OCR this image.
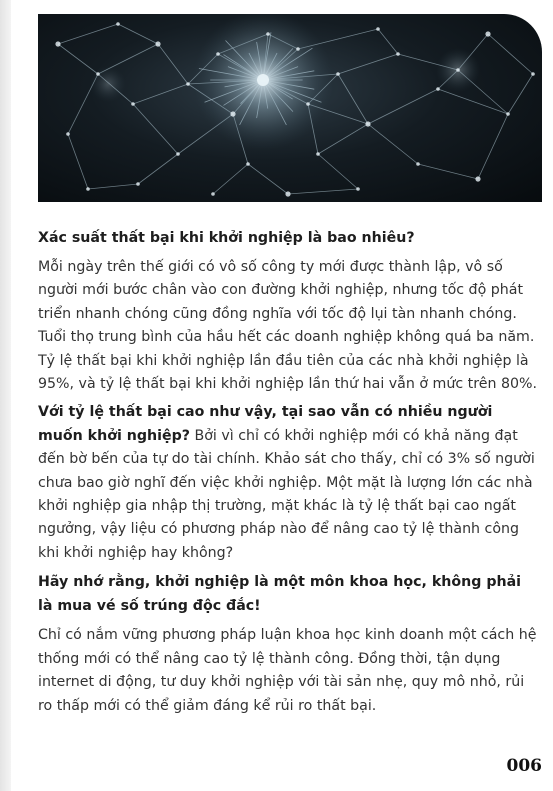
Xác suất thất bại khi khởi nghiệp là bao nhiêu?

Mỗi ngày trên thế giới có vô số công ty mới được thành lập, vô số người mới bước chân vào con đường khởi nghiệp, nhưng tốc độ phát triển nhanh chóng cũng đồng nghĩa với tốc độ lụi tàn nhanh chóng. Tuổi thọ trung bình của hầu hết các doanh nghiệp không quá ba năm. Tỷ lệ thất bại khi khởi nghiệp lần đầu tiên của các nhà khởi nghiệp là 95%, và tỷ lệ thất bại khi khởi nghiệp lần thứ hai vẫn ở mức trên 80%.

Với tỷ lệ thất bại cao như vậy, tại sao vẫn có nhiều người muốn khởi nghiệp? Bởi vì chỉ có khởi nghiệp mới có khả năng đạt đến bờ bến của tự do tài chính. Khảo sát cho thấy, chỉ có 3% số người chưa bao giờ nghĩ đến việc khởi nghiệp. Một mặt là lượng lớn các nhà khởi nghiệp gia nhập thị trường, mặt khác là tỷ lệ thất bại cao ngất ngưởng, vậy liệu có phương pháp nào để nâng cao tỷ lệ thành công khi khởi nghiệp hay không?

Hãy nhớ rằng, khởi nghiệp là một môn khoa học, không phải là mua vé số trúng độc đắc!

Chỉ có nắm vững phương pháp luận khoa học kinh doanh một cách hệ thống mới có thể nâng cao tỷ lệ thành công. Đồng thời, tận dụng internet di động, tư duy khởi nghiệp với tài sản nhẹ, quy mô nhỏ, rủi ro thấp mới có thể giảm đáng kể rủi ro thất bại.

006
